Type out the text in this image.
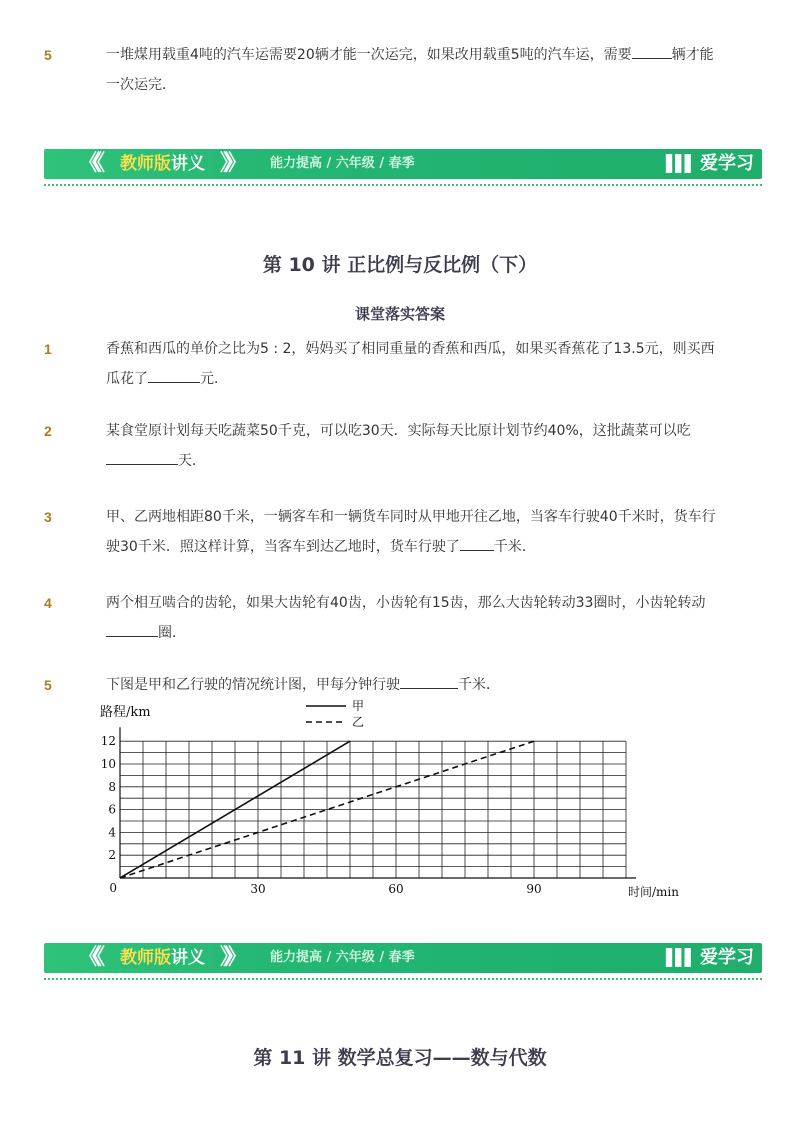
5	一堆煤用载重4吨的汽车运需要20辆才能一次运完，如果改用载重5吨的汽车运，需要	辆才能一次运完．
《《 教师版讲义 》》 能力提高 / 六年级 / 春季	▌▌▌ 爱学习
第 10 讲 正比例与反比例（下）
课堂落实答案
1	香蕉和西瓜的单价之比为5 : 2，妈妈买了相同重量的香蕉和西瓜，如果买香蕉花了13.5元，则买西瓜花了	元．
2	某食堂原计划每天吃蔬菜50千克，可以吃30天．实际每天比原计划节约40%，这批蔬菜可以吃天．
3	甲、乙两地相距80千米，一辆客车和一辆货车同时从甲地开往乙地，当客车行驶40千米时，货车行驶30千米．照这样计算，当客车到达乙地时，货车行驶了 千米．
4	两个相互啮合的齿轮，如果大齿轮有40齿，小齿轮有15齿，那么大齿轮转动33圈时，小齿轮转动圈．
5	下图是甲和乙行驶的情况统计图，甲每分钟行驶	千米．
30	60	90
2
4
6
8
10
12
0
路程/km
时间/min
甲
乙
《《 教师版讲义 》》 能力提高 / 六年级 / 春季	▌▌▌ 爱学习
第 11 讲 数学总复习——数与代数
